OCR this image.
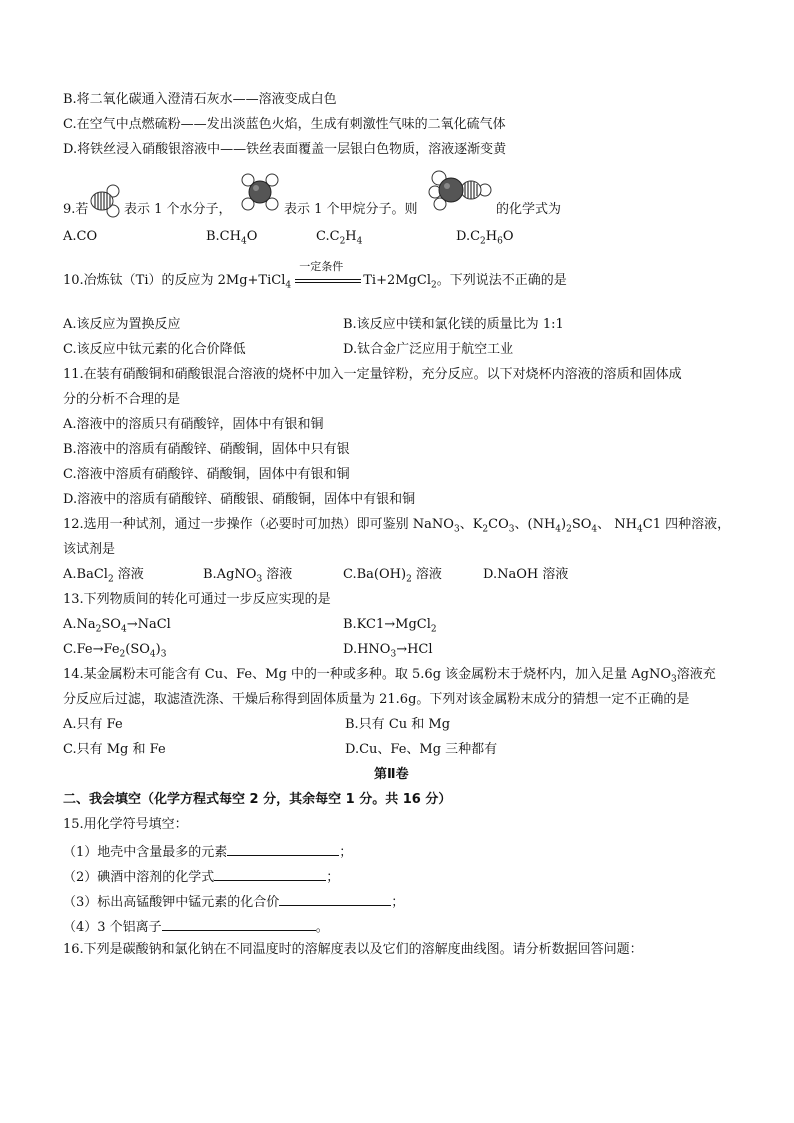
B.将二氧化碳通入澄清石灰水——溶液变成白色
C.在空气中点燃硫粉——发出淡蓝色火焰，生成有刺激性气味的二氧化硫气体
D.将铁丝浸入硝酸银溶液中——铁丝表面覆盖一层银白色物质，溶液逐渐变黄
9.若	表示 1 个水分子，	表示 1 个甲烷分子。则	的化学式为
A.CO	$B.CH_4O$	$C.C_2H_4$	$D.C_2H_6O$
10.冶炼钛（Ti）的反应为 2Mg+TiCl$_4$
一定条件
Ti+2MgCl$_2$。下列说法不正确的是
A.该反应为置换反应	B.该反应中镁和氯化镁的质量比为 1:1
C.该反应中钛元素的化合价降低	D.钛合金广泛应用于航空工业
11.在装有硝酸铜和硝酸银混合溶液的烧杯中加入一定量锌粉，充分反应。以下对烧杯内溶液的溶质和固体成
分的分析不合理的是
A.溶液中的溶质只有硝酸锌，固体中有银和铜
B.溶液中的溶质有硝酸锌、硝酸铜，固体中只有银
C.溶液中溶质有硝酸锌、硝酸铜，固体中有银和铜
D.溶液中的溶质有硝酸锌、硝酸银、硝酸铜，固体中有银和铜
12.选用一种试剂，通过一步操作（必要时可加热）即可鉴别 NaNO$_3$、$K_2CO_3$、$(NH_4)_2SO_4$、 $NH_4C1$ 四种溶液，
该试剂是
A.BaCl$_2$ 溶液	B.AgNO$_3$ 溶液	$C.Ba(OH)_2$ 溶液	D.NaOH 溶液
13.下列物质间的转化可通过一步反应实现的是
$A.Na_2SO_4\to NaCl$	B.KC1→MgCl$_2$
$C.Fe\to Fe_2(SO_4)_3$	$D.HNO_3\to HCl$
14.某金属粉末可能含有 Cu、Fe、Mg 中的一种或多种。取 5.6g 该金属粉末于烧杯内，加入足量 AgNO$_3$溶液充
分反应后过滤，取滤渣洗涤、干燥后称得到固体质量为 21.6g。下列对该金属粉末成分的猜想一定不正确的是
A.只有 Fe	B.只有 Cu 和 Mg
C.只有 Mg 和 Fe	D.Cu、Fe、Mg 三种都有
第Ⅱ卷
二、我会填空（化学方程式每空 2 分，其余每空 1 分。共 16 分）
15.用化学符号填空：
（1）地壳中含量最多的元素	；
（2）碘酒中溶剂的化学式	；
（3）标出高锰酸钾中锰元素的化合价	；
（4）3 个铝离子	。
16.下列是碳酸钠和氯化钠在不同温度时的溶解度表以及它们的溶解度曲线图。请分析数据回答问题：
